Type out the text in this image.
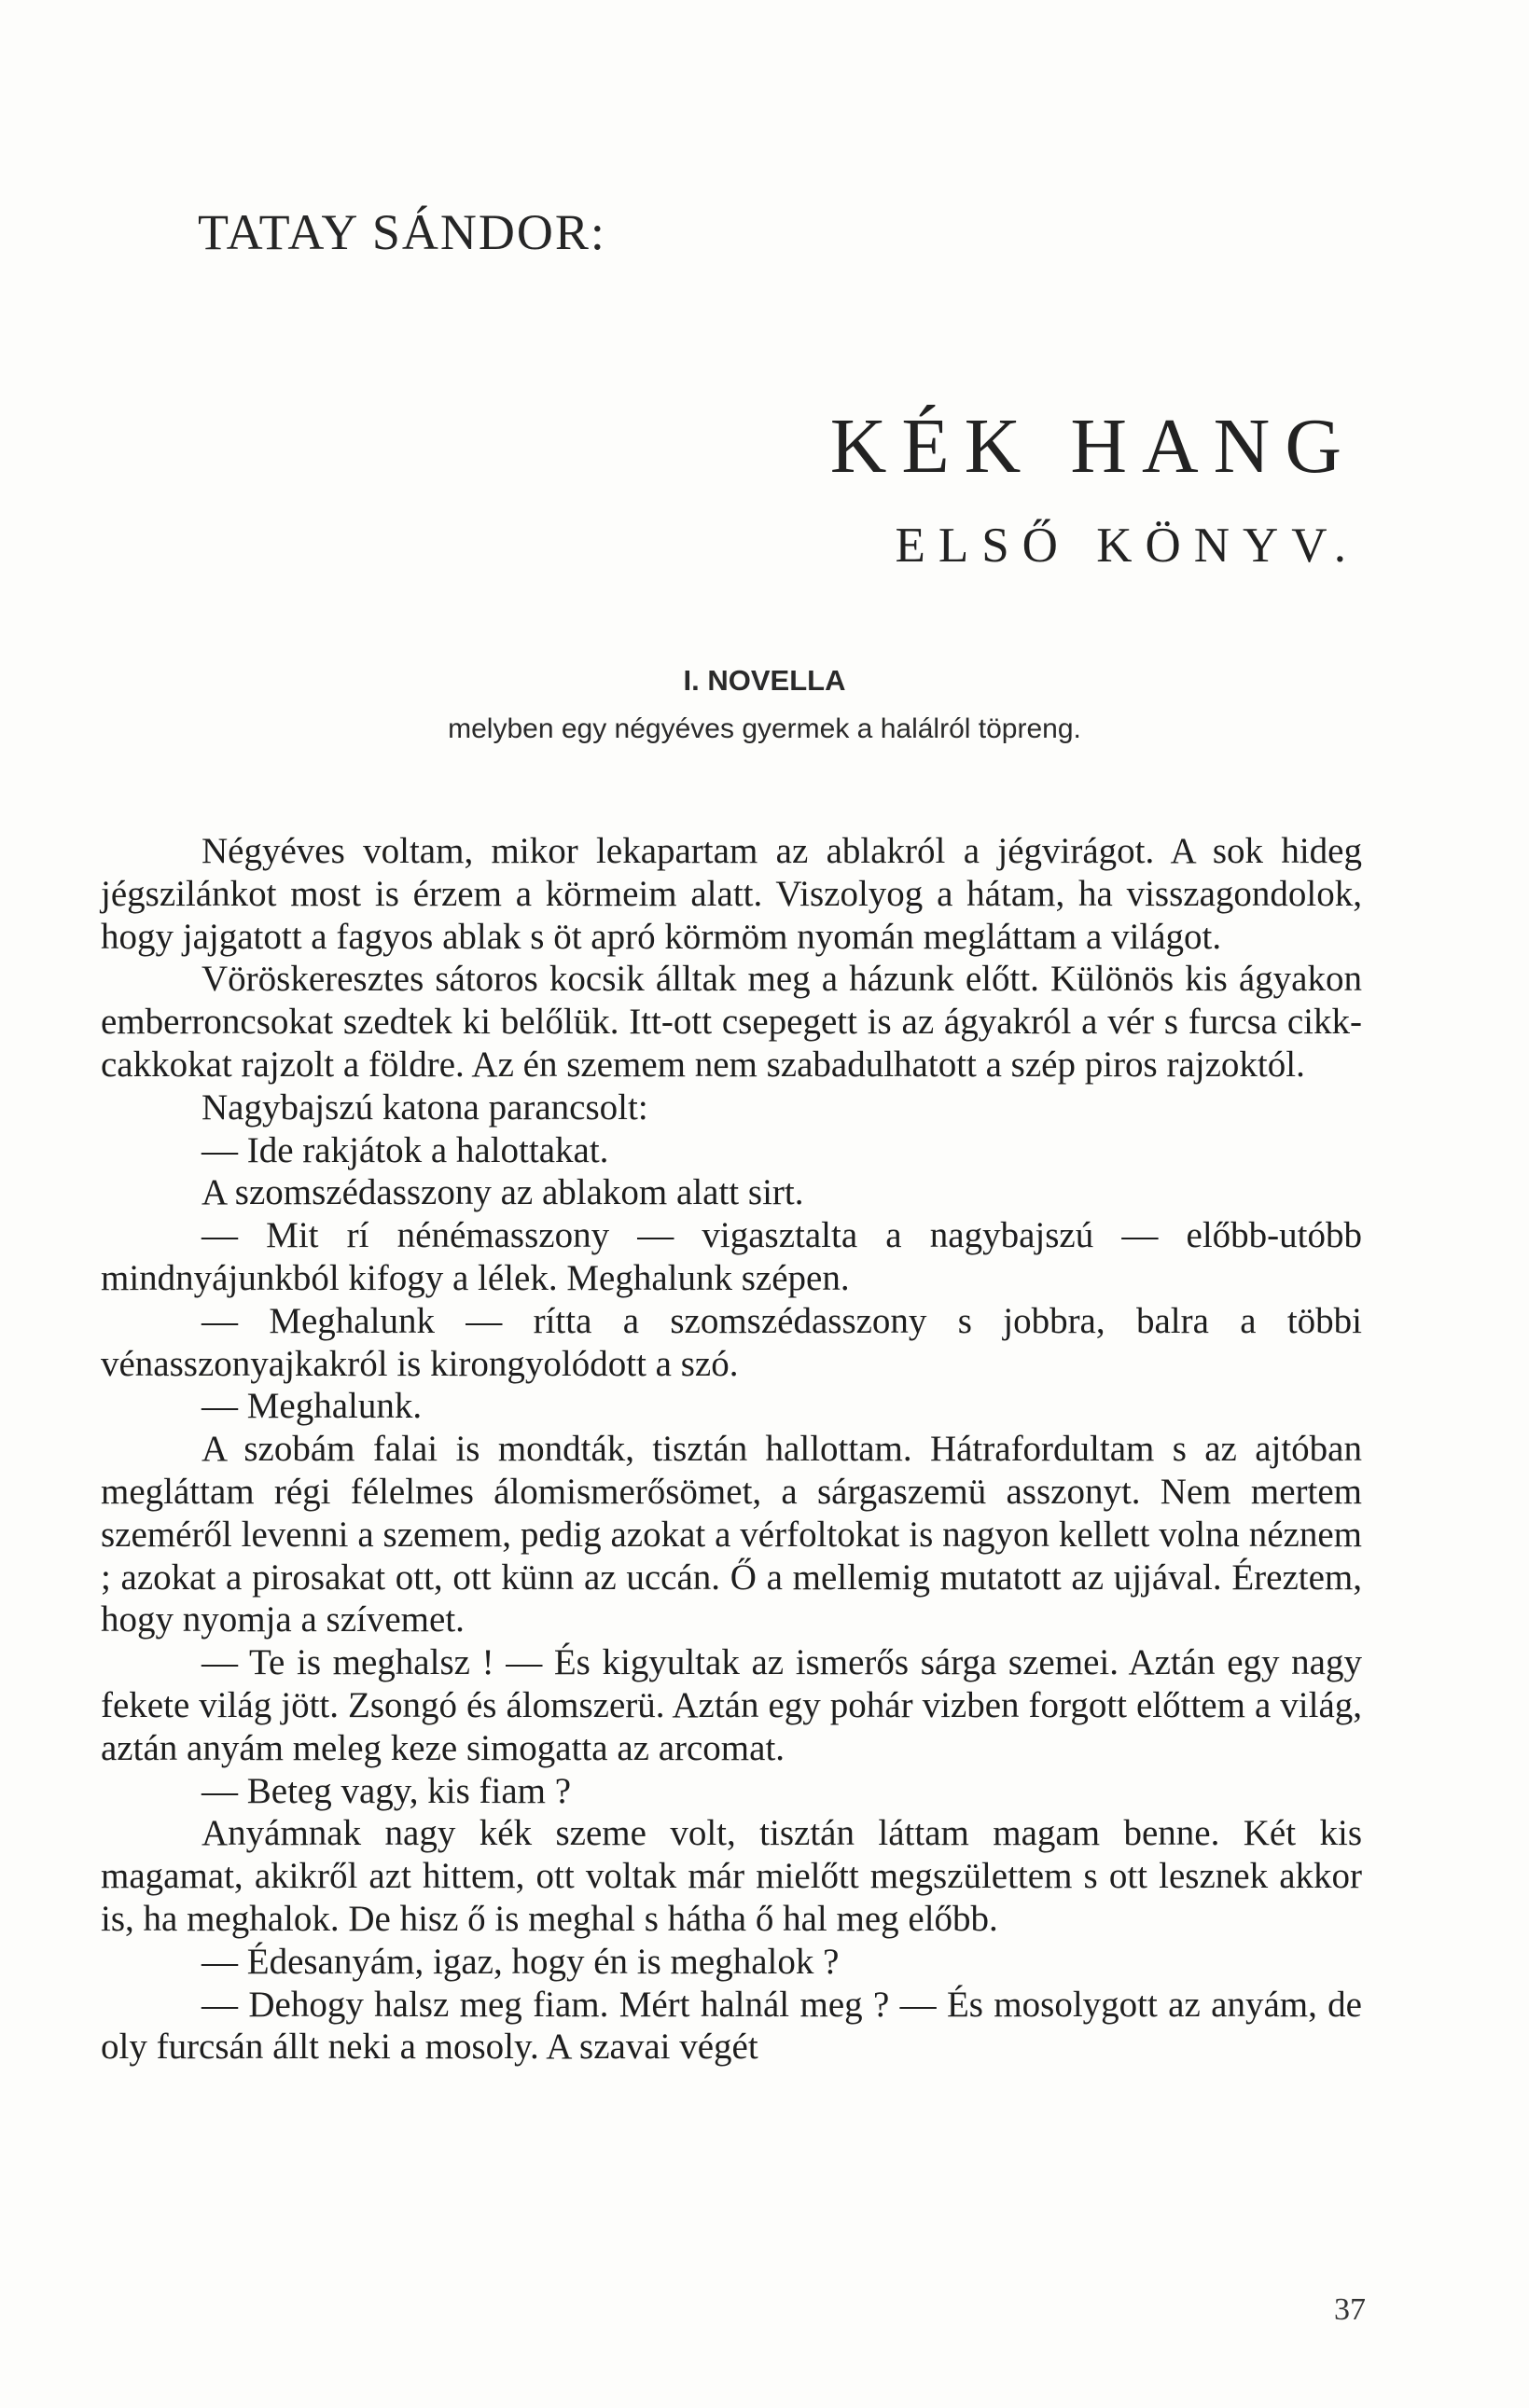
TATAY SÁNDOR:
KÉK HANG
ELSŐ KÖNYV.
I. NOVELLA
melyben egy négyéves gyermek a halálról töpreng.

Négyéves voltam, mikor lekapartam az ablakról a jégvirágot. A sok hideg jégszilánkot most is érzem a körmeim alatt. Viszolyog a hátam, ha visszagondolok, hogy jajgatott a fagyos ablak s öt apró körmöm nyomán megláttam a világot.

Vöröskeresztes sátoros kocsik álltak meg a házunk előtt. Különös kis ágyakon emberroncsokat szedtek ki belőlük. Itt-ott csepegett is az ágyakról a vér s furcsa cikk-cakkokat rajzolt a földre. Az én szemem nem szabadulhatott a szép piros rajzoktól.

Nagybajszú katona parancsolt:

— Ide rakjátok a halottakat.

A szomszédasszony az ablakom alatt sirt.

— Mit rí nénémasszony — vigasztalta a nagybajszú — előbb-utóbb mindnyájunkból kifogy a lélek. Meghalunk szépen.

— Meghalunk — rítta a szomszédasszony s jobbra, balra a többi vénasszonyajkakról is kirongyolódott a szó.

— Meghalunk.

A szobám falai is mondták, tisztán hallottam. Hátrafordultam s az ajtóban megláttam régi félelmes álomismerősömet, a sárgaszemü asszonyt. Nem mertem szeméről levenni a szemem, pedig azokat a vérfoltokat is nagyon kellett volna néznem ; azokat a pirosakat ott, ott künn az uccán. Ő a mellemig mutatott az ujjával. Éreztem, hogy nyomja a szívemet.

— Te is meghalsz ! — És kigyultak az ismerős sárga szemei. Aztán egy nagy fekete világ jött. Zsongó és álomszerü. Aztán egy pohár vizben forgott előttem a világ, aztán anyám meleg keze simogatta az arcomat.

— Beteg vagy, kis fiam ?

Anyámnak nagy kék szeme volt, tisztán láttam magam benne. Két kis magamat, akikről azt hittem, ott voltak már mielőtt megszülettem s ott lesznek akkor is, ha meghalok. De hisz ő is meghal s hátha ő hal meg előbb.

— Édesanyám, igaz, hogy én is meghalok ?

— Dehogy halsz meg fiam. Mért halnál meg ? — És mosolygott az anyám, de oly furcsán állt neki a mosoly. A szavai végét

37
